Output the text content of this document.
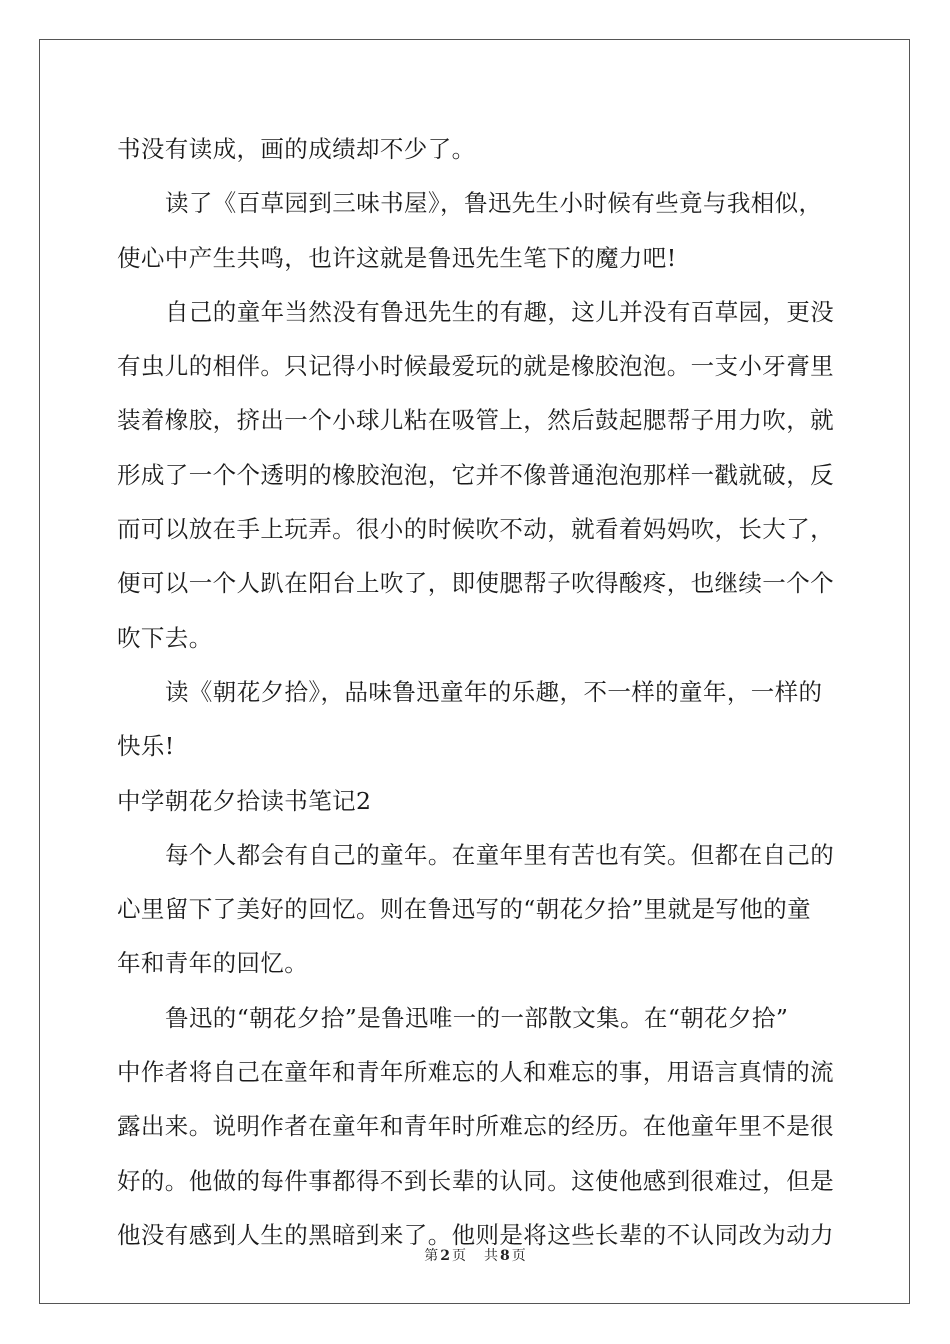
书没有读成，画的成绩却不少了。
读了《百草园到三味书屋》，鲁迅先生小时候有些竟与我相似，
使心中产生共鸣，也许这就是鲁迅先生笔下的魔力吧!
自己的童年当然没有鲁迅先生的有趣，这儿并没有百草园，更没
有虫儿的相伴。只记得小时候最爱玩的就是橡胶泡泡。一支小牙膏里
装着橡胶，挤出一个小球儿粘在吸管上，然后鼓起腮帮子用力吹，就
形成了一个个透明的橡胶泡泡，它并不像普通泡泡那样一戳就破，反
而可以放在手上玩弄。很小的时候吹不动，就看着妈妈吹，长大了，
便可以一个人趴在阳台上吹了，即使腮帮子吹得酸疼，也继续一个个
吹下去。
读《朝花夕拾》，品味鲁迅童年的乐趣，不一样的童年，一样的
快乐!
中学朝花夕拾读书笔记2
每个人都会有自己的童年。在童年里有苦也有笑。但都在自己的
心里留下了美好的回忆。则在鲁迅写的“朝花夕拾”里就是写他的童
年和青年的回忆。
鲁迅的“朝花夕拾”是鲁迅唯一的一部散文集。在“朝花夕拾”
中作者将自己在童年和青年所难忘的人和难忘的事，用语言真情的流
露出来。说明作者在童年和青年时所难忘的经历。在他童年里不是很
好的。他做的每件事都得不到长辈的认同。这使他感到很难过，但是
他没有感到人生的黑暗到来了。他则是将这些长辈的不认同改为动力
第 2 页 共 8 页
